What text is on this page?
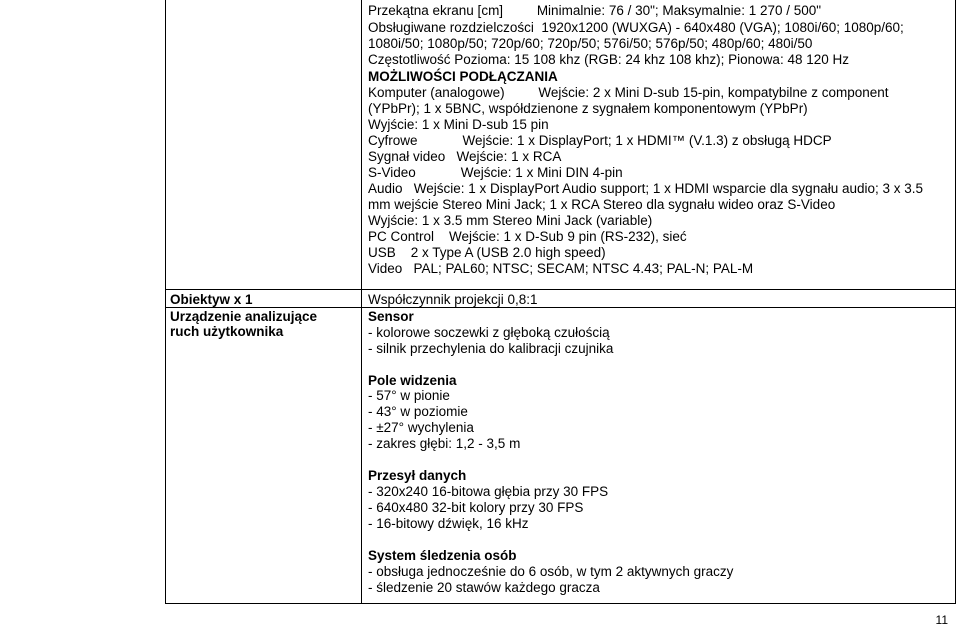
Przekątna ekranu [cm]         Minimalnie: 76 / 30"; Maksymalnie: 1 270 / 500"
Obsługiwane rozdzielczości  1920x1200 (WUXGA) - 640x480 (VGA); 1080i/60; 1080p/60;
1080i/50; 1080p/50; 720p/60; 720p/50; 576i/50; 576p/50; 480p/60; 480i/50
Częstotliwość Pozioma: 15 108 khz (RGB: 24 khz 108 khz); Pionowa: 48 120 Hz
MOŻLIWOŚCI PODŁĄCZANIA
Komputer (analogowe)         Wejście: 2 x Mini D-sub 15-pin, kompatybilne z component
(YPbPr); 1 x 5BNC, współdzienone z sygnałem komponentowym (YPbPr)
Wyjście: 1 x Mini D-sub 15 pin
Cyfrowe            Wejście: 1 x DisplayPort; 1 x HDMI™ (V.1.3) z obsługą HDCP
Sygnał video   Wejście: 1 x RCA
S-Video            Wejście: 1 x Mini DIN 4-pin
Audio   Wejście: 1 x DisplayPort Audio support; 1 x HDMI wsparcie dla sygnału audio; 3 x 3.5
mm wejście Stereo Mini Jack; 1 x RCA Stereo dla sygnału wideo oraz S-Video
Wyjście: 1 x 3.5 mm Stereo Mini Jack (variable)
PC Control    Wejście: 1 x D-Sub 9 pin (RS-232), sieć
USB    2 x Type A (USB 2.0 high speed)
Video   PAL; PAL60; NTSC; SECAM; NTSC 4.43; PAL-N; PAL-M
Obiektyw x 1	Współczynnik projekcji 0,8:1
Urządzenie analizujące
ruch użytkownika
Sensor
- kolorowe soczewki z głęboką czułością
- silnik przechylenia do kalibracji czujnika
Pole widzenia
- 57° w pionie
- 43° w poziomie
- ±27° wychylenia
- zakres głębi: 1,2 - 3,5 m
Przesył danych
- 320x240 16-bitowa głębia przy 30 FPS
- 640x480 32-bit kolory przy 30 FPS
- 16-bitowy dźwięk, 16 kHz
System śledzenia osób
- obsługa jednocześnie do 6 osób, w tym 2 aktywnych graczy
- śledzenie 20 stawów każdego gracza
11
